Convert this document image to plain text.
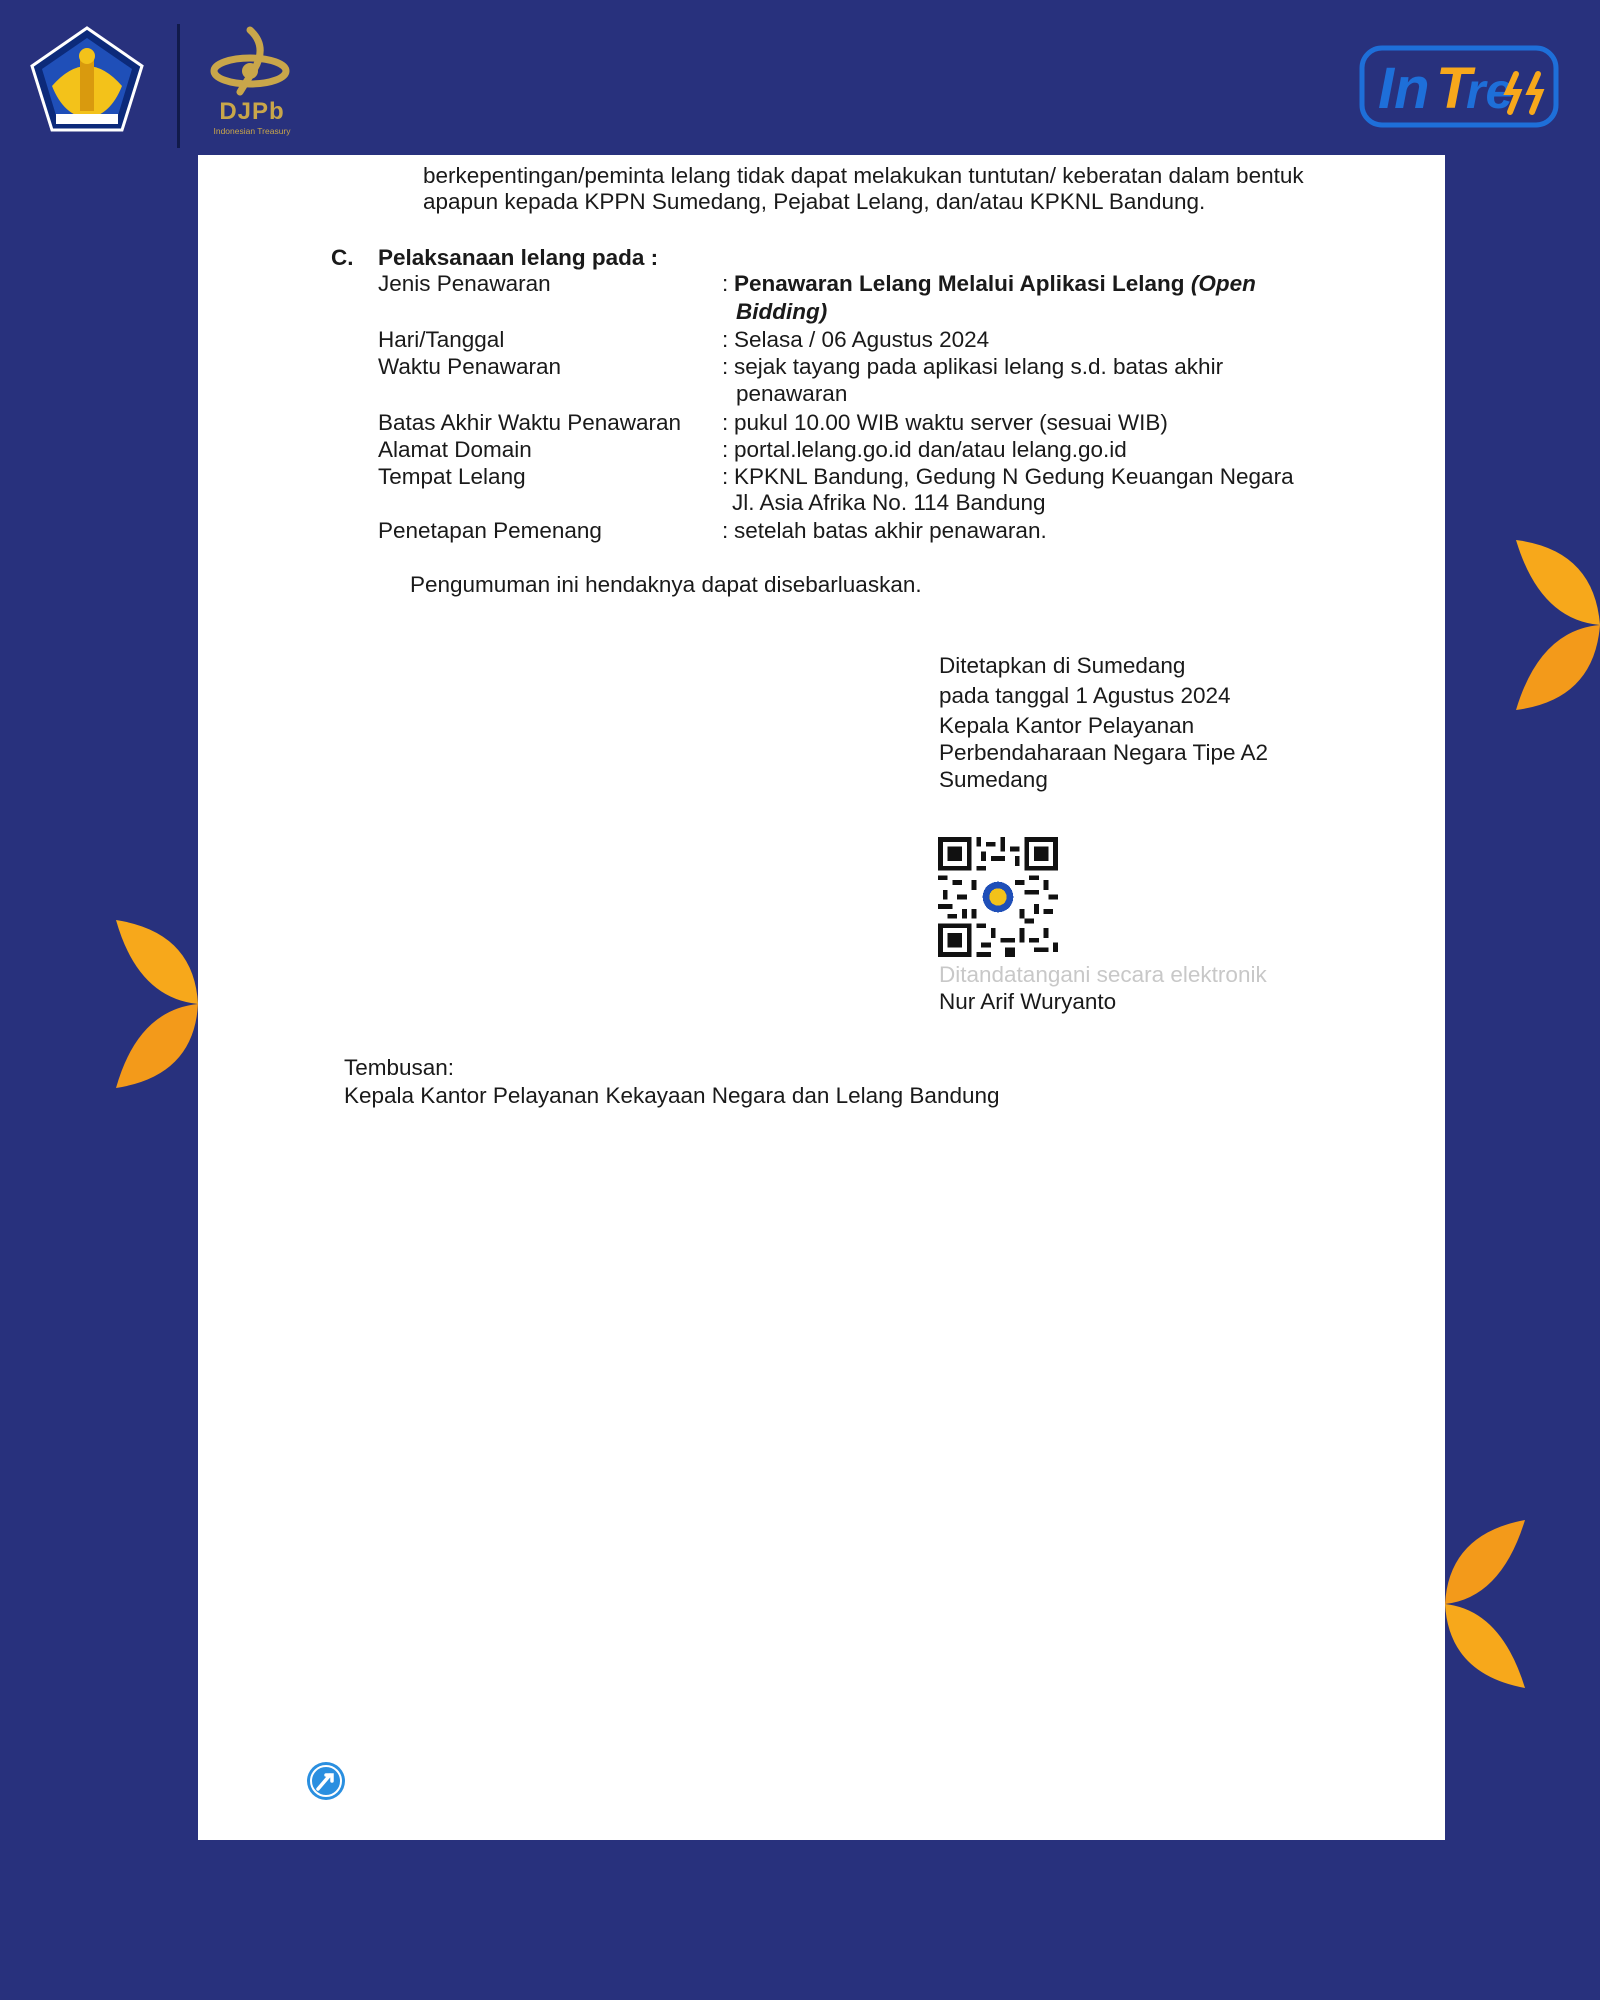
DJPb
Indonesian Treasury
In T
re
berkepentingan/peminta lelang tidak dapat melakukan tuntutan/ keberatan dalam bentuk
apapun kepada KPPN Sumedang, Pejabat Lelang, dan/atau KPKNL Bandung.
C. Pelaksanaan lelang pada :
Jenis Penawaran	: Penawaran Lelang Melalui Aplikasi Lelang (Open
Bidding)
Hari/Tanggal	: Selasa / 06 Agustus 2024
Waktu Penawaran	: sejak tayang pada aplikasi lelang s.d. batas akhir
penawaran
Batas Akhir Waktu Penawaran : pukul 10.00 WIB waktu server (sesuai WIB)
Alamat Domain	: portal.lelang.go.id dan/atau lelang.go.id
Tempat Lelang	: KPKNL Bandung, Gedung N Gedung Keuangan Negara
Jl. Asia Afrika No. 114 Bandung
Penetapan Pemenang	: setelah batas akhir penawaran.
Pengumuman ini hendaknya dapat disebarluaskan.
Ditetapkan di Sumedang
pada tanggal 1 Agustus 2024
Kepala Kantor Pelayanan
Perbendaharaan Negara Tipe A2
Sumedang
Ditandatangani secara elektronik
Nur Arif Wuryanto
Tembusan:
Kepala Kantor Pelayanan Kekayaan Negara dan Lelang Bandung
